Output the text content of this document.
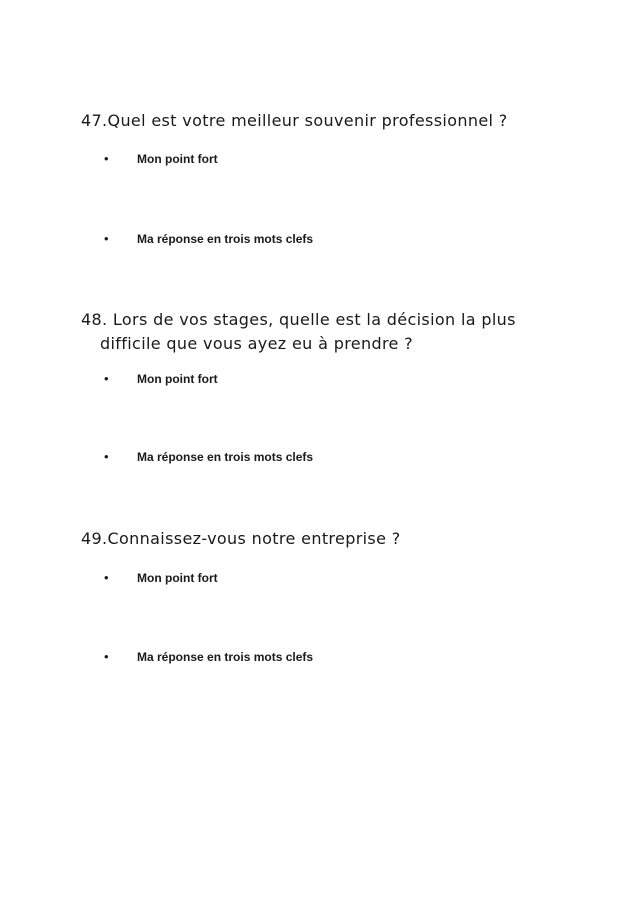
47.Quel est votre meilleur souvenir professionnel ?
• Mon point fort
• Ma réponse en trois mots clefs
48. Lors de vos stages, quelle est la décision la plus
difficile que vous ayez eu à prendre ?
• Mon point fort
• Ma réponse en trois mots clefs
49.Connaissez-vous notre entreprise ?
• Mon point fort
• Ma réponse en trois mots clefs
